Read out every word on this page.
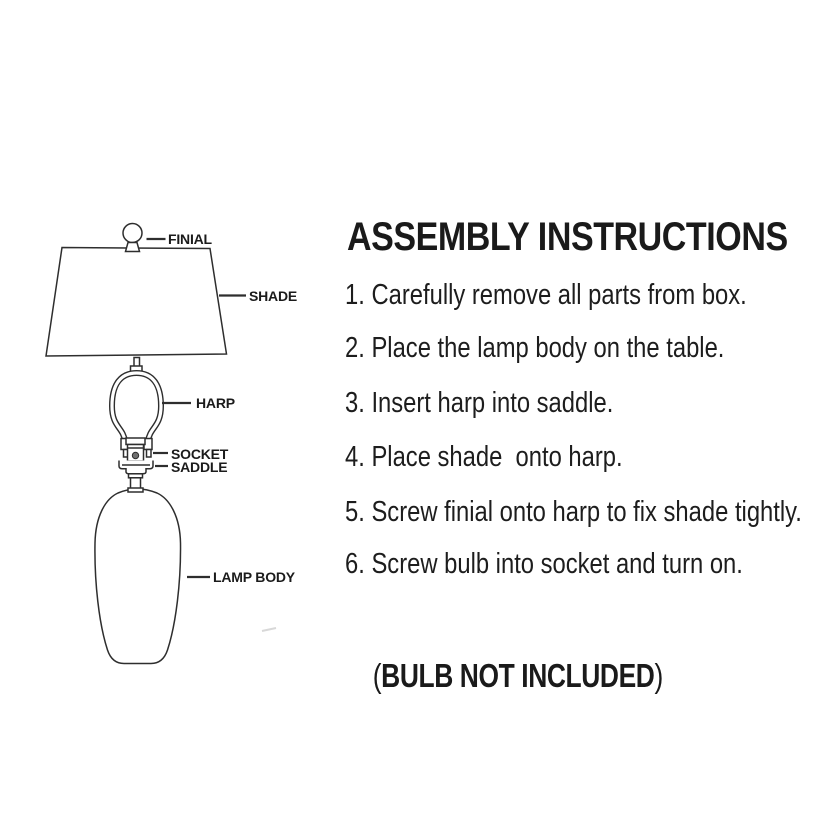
FINIAL
SHADE
HARP
SOCKET
SADDLE
LAMP BODY
ASSEMBLY INSTRUCTIONS
1. Carefully remove all parts from box.
2. Place the lamp body on the table.
3. Insert harp into saddle.
4. Place shade  onto harp.
5. Screw finial onto harp to fix shade tightly.
6. Screw bulb into socket and turn on.

(BULB NOT INCLUDED)
